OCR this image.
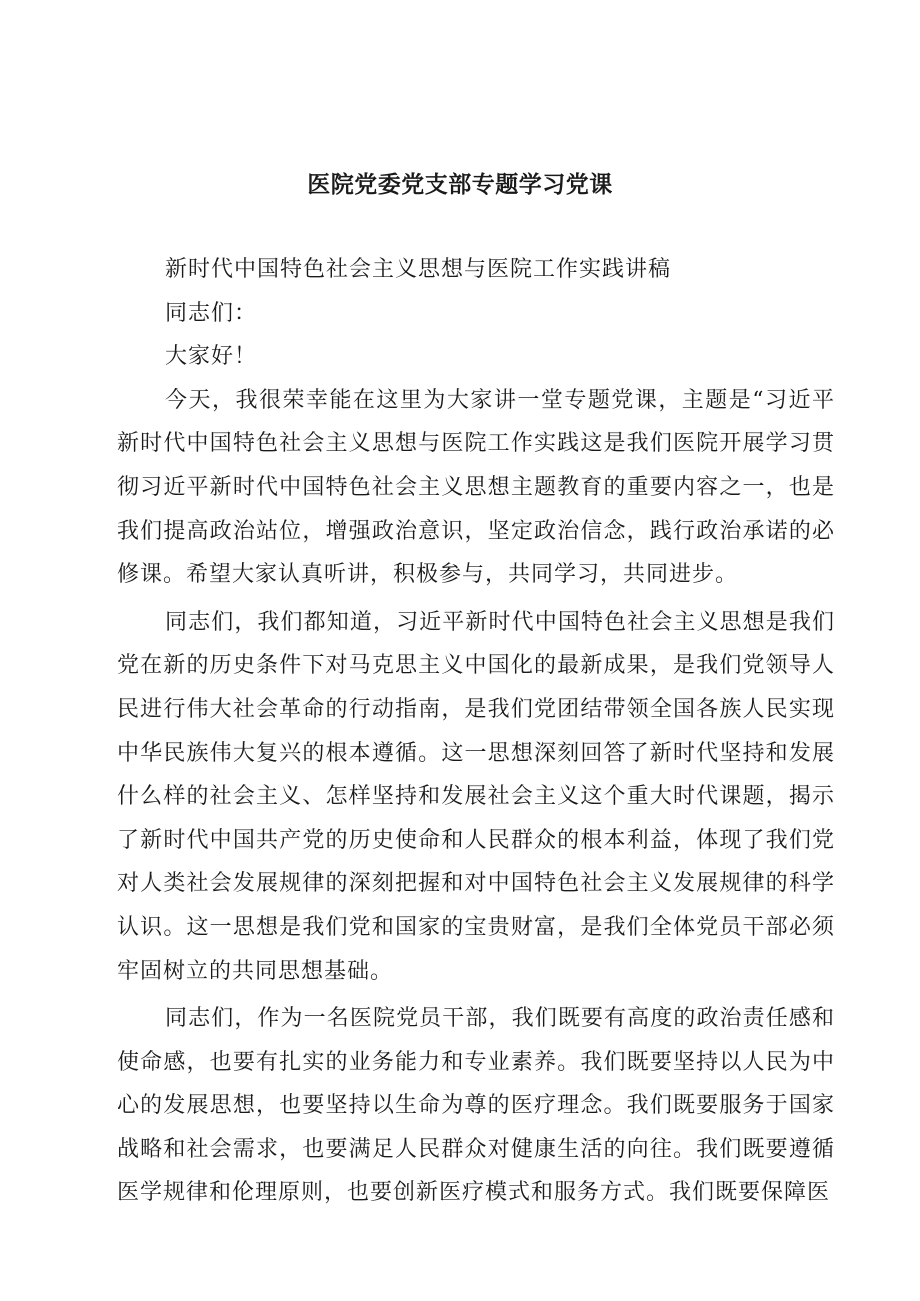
医院党委党支部专题学习党课

新时代中国特色社会主义思想与医院工作实践讲稿

同志们：

大家好！

今天，我很荣幸能在这里为大家讲一堂专题党课，主题是“习近平新时代中国特色社会主义思想与医院工作实践这是我们医院开展学习贯彻习近平新时代中国特色社会主义思想主题教育的重要内容之一，也是我们提高政治站位，增强政治意识，坚定政治信念，践行政治承诺的必修课。希望大家认真听讲，积极参与，共同学习，共同进步。

同志们，我们都知道，习近平新时代中国特色社会主义思想是我们党在新的历史条件下对马克思主义中国化的最新成果，是我们党领导人民进行伟大社会革命的行动指南，是我们党团结带领全国各族人民实现中华民族伟大复兴的根本遵循。这一思想深刻回答了新时代坚持和发展什么样的社会主义、怎样坚持和发展社会主义这个重大时代课题，揭示了新时代中国共产党的历史使命和人民群众的根本利益，体现了我们党对人类社会发展规律的深刻把握和对中国特色社会主义发展规律的科学认识。这一思想是我们党和国家的宝贵财富，是我们全体党员干部必须牢固树立的共同思想基础。

同志们，作为一名医院党员干部，我们既要有高度的政治责任感和使命感，也要有扎实的业务能力和专业素养。我们既要坚持以人民为中心的发展思想，也要坚持以生命为尊的医疗理念。我们既要服务于国家战略和社会需求，也要满足人民群众对健康生活的向往。我们既要遵循医学规律和伦理原则，也要创新医疗模式和服务方式。我们既要保障医
